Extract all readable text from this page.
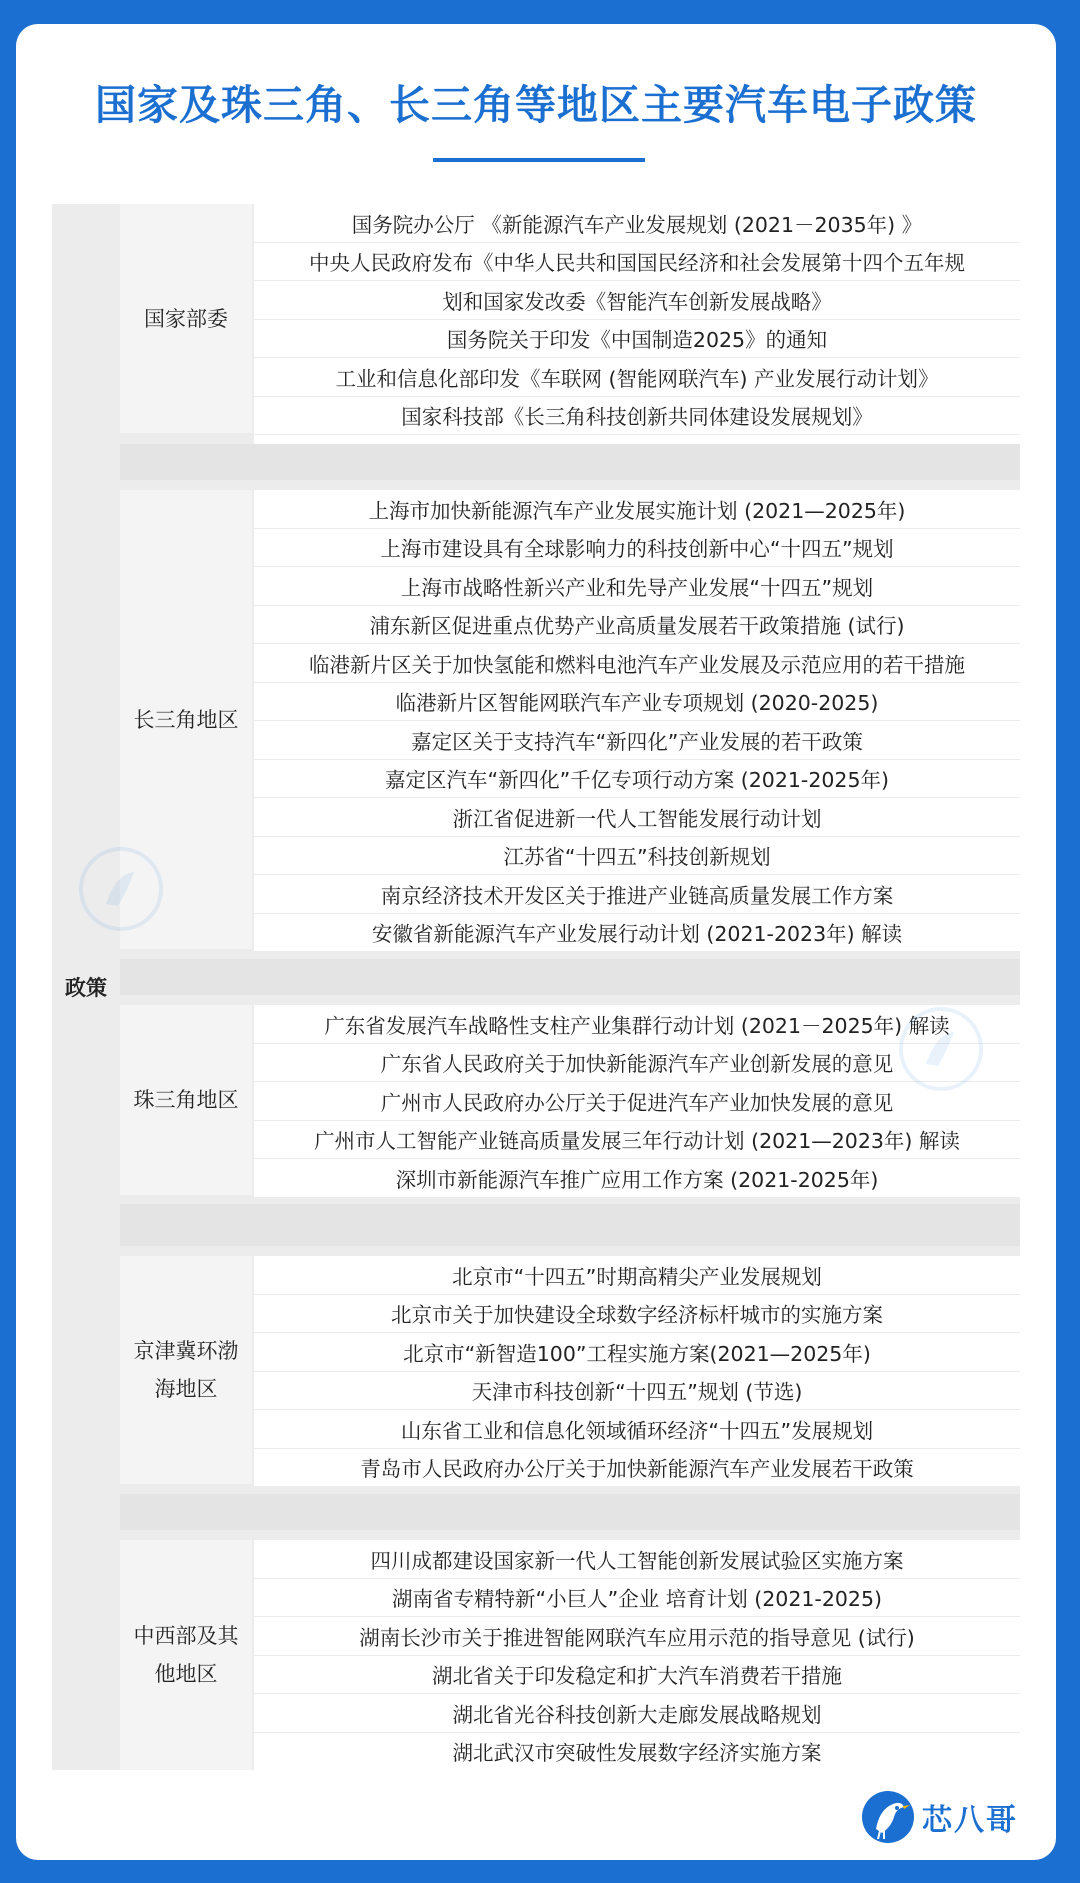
国家及珠三角、长三角等地区主要汽车电子政策
政策
国家部委
国务院办公厅 《新能源汽车产业发展规划 (2021－2035年) 》
中央人民政府发布《中华人民共和国国民经济和社会发展第十四个五年规
划和国家发改委《智能汽车创新发展战略》
国务院关于印发《中国制造2025》的通知
工业和信息化部印发《车联网 (智能网联汽车) 产业发展行动计划》
国家科技部《长三角科技创新共同体建设发展规划》
长三角地区
上海市加快新能源汽车产业发展实施计划 (2021—2025年)
上海市建设具有全球影响力的科技创新中心“十四五”规划
上海市战略性新兴产业和先导产业发展“十四五”规划
浦东新区促进重点优势产业高质量发展若干政策措施 (试行)
临港新片区关于加快氢能和燃料电池汽车产业发展及示范应用的若干措施
临港新片区智能网联汽车产业专项规划 (2020-2025)
嘉定区关于支持汽车“新四化”产业发展的若干政策
嘉定区汽车“新四化”千亿专项行动方案 (2021-2025年)
浙江省促进新一代人工智能发展行动计划
江苏省“十四五”科技创新规划
南京经济技术开发区关于推进产业链高质量发展工作方案
安徽省新能源汽车产业发展行动计划 (2021-2023年) 解读
珠三角地区
广东省发展汽车战略性支柱产业集群行动计划 (2021－2025年) 解读
广东省人民政府关于加快新能源汽车产业创新发展的意见
广州市人民政府办公厅关于促进汽车产业加快发展的意见
广州市人工智能产业链高质量发展三年行动计划 (2021—2023年) 解读
深圳市新能源汽车推广应用工作方案 (2021-2025年)
京津冀环渤
海地区
北京市“十四五”时期高精尖产业发展规划
北京市关于加快建设全球数字经济标杆城市的实施方案
北京市“新智造100”工程实施方案(2021—2025年)
天津市科技创新“十四五”规划 (节选)
山东省工业和信息化领域循环经济“十四五”发展规划
青岛市人民政府办公厅关于加快新能源汽车产业发展若干政策
中西部及其
他地区
四川成都建设国家新一代人工智能创新发展试验区实施方案
湖南省专精特新“小巨人”企业 培育计划 (2021-2025)
湖南长沙市关于推进智能网联汽车应用示范的指导意见 (试行)
湖北省关于印发稳定和扩大汽车消费若干措施
湖北省光谷科技创新大走廊发展战略规划
湖北武汉市突破性发展数字经济实施方案
芯八哥
